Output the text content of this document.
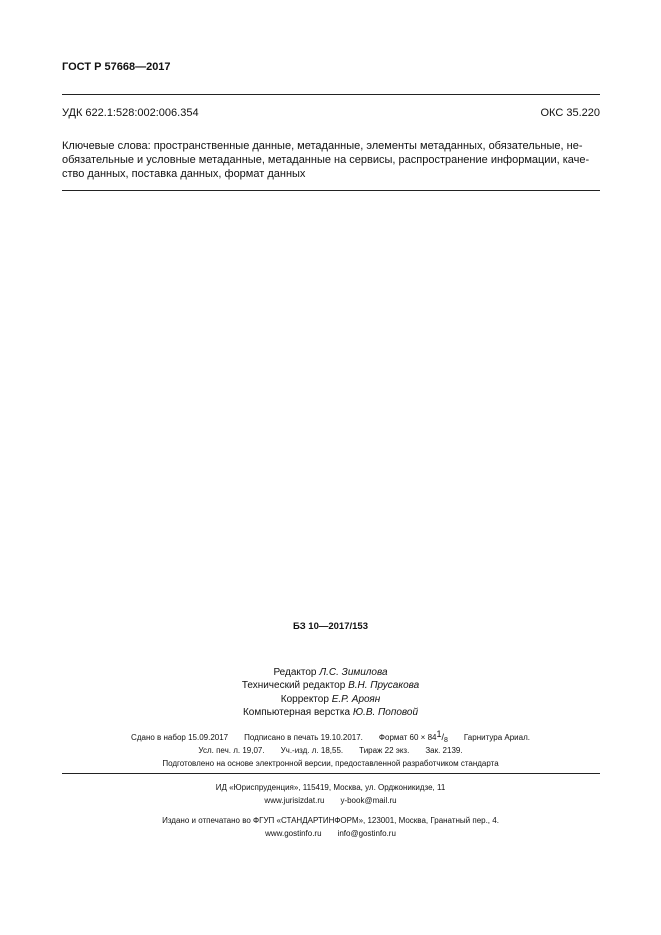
ГОСТ Р 57668—2017
УДК 622.1:528:002:006.354	ОКС 35.220

Ключевые слова: пространственные данные, метаданные, элементы метаданных, обязательные, не-

обязательные и условные метаданные, метаданные на сервисы, распространение информации, каче-

ство данных, поставка данных, формат данных

БЗ 10—2017/153
Редактор Л.С. Зимилова
Технический редактор В.Н. Прусакова
Корректор Е.Р. Ароян
Компьютерная верстка Ю.В. Поповой
Сдано в набор 15.09.2017 Подписано в печать 19.10.2017. Формат $60 \times 841/_8$ Гарнитура Ариал.
Усл. печ. л. 19,07. Уч.-изд. л. 18,55. Тираж 22 экз. Зак. 2139.
Подготовлено на основе электронной версии, предоставленной разработчиком стандарта
ИД «Юриспруденция», 115419, Москва, ул. Орджоникидзе, 11
www.jurisizdat.ru y-book@mail.ru
Издано и отпечатано во ФГУП «СТАНДАРТИНФОРМ», 123001, Москва, Гранатный пер., 4.
www.gostinfo.ru info@gostinfo.ru
